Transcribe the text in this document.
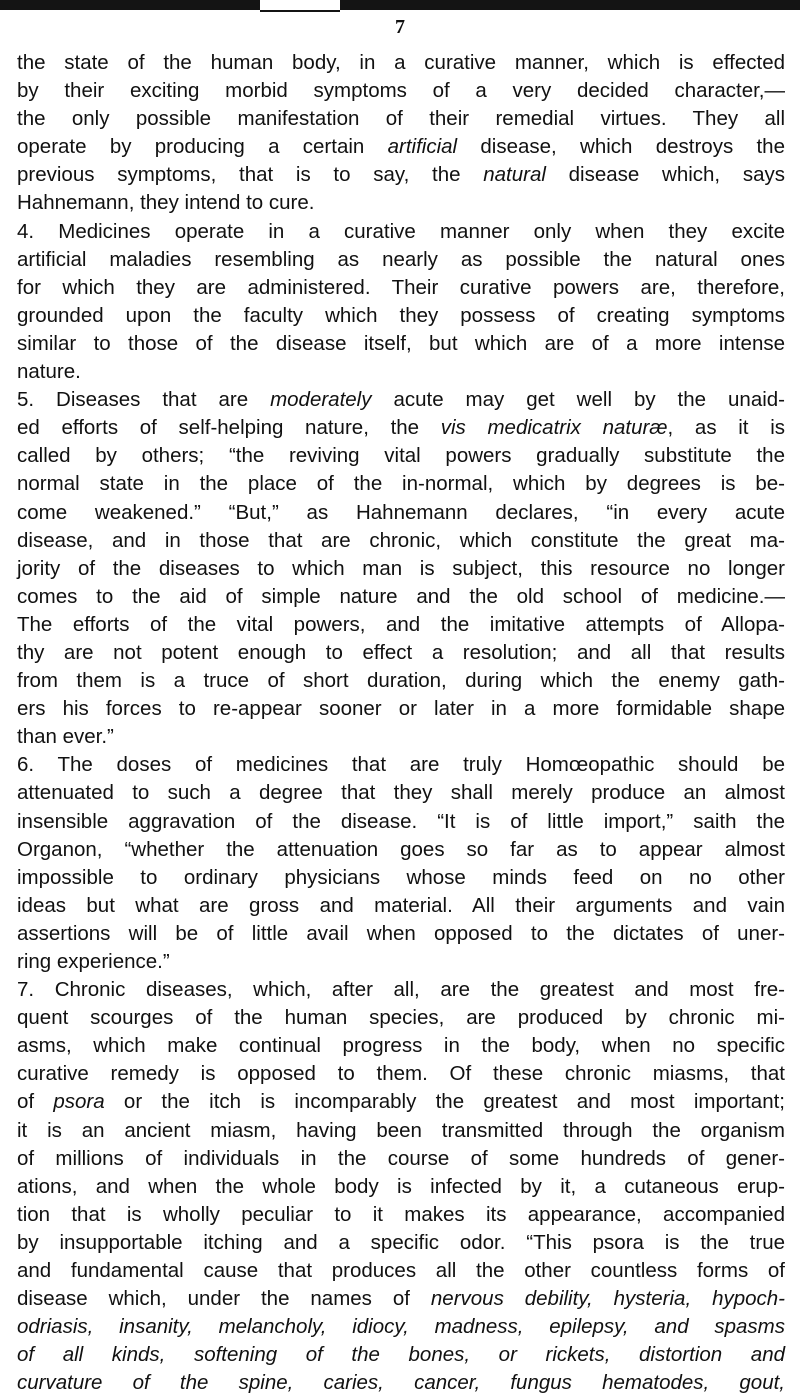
7
the state of the human body, in a curative manner, which is effected
by their exciting morbid symptoms of a very decided character,—
the only possible manifestation of their remedial virtues. They all
operate by producing a certain artificial disease, which destroys the
previous symptoms, that is to say, the natural disease which, says
Hahnemann, they intend to cure.
4. Medicines operate in a curative manner only when they excite
artificial maladies resembling as nearly as possible the natural ones
for which they are administered. Their curative powers are, therefore,
grounded upon the faculty which they possess of creating symptoms
similar to those of the disease itself, but which are of a more intense
nature.
5. Diseases that are moderately acute may get well by the unaid-
ed efforts of self-helping nature, the vis medicatrix naturæ, as it is
called by others; “the reviving vital powers gradually substitute the
normal state in the place of the in-normal, which by degrees is be-
come weakened.” “But,” as Hahnemann declares, “in every acute
disease, and in those that are chronic, which constitute the great ma-
jority of the diseases to which man is subject, this resource no longer
comes to the aid of simple nature and the old school of medicine.—
The efforts of the vital powers, and the imitative attempts of Allopa-
thy are not potent enough to effect a resolution; and all that results
from them is a truce of short duration, during which the enemy gath-
ers his forces to re-appear sooner or later in a more formidable shape
than ever.”
6. The doses of medicines that are truly Homœopathic should be
attenuated to such a degree that they shall merely produce an almost
insensible aggravation of the disease. “It is of little import,” saith the
Organon, “whether the attenuation goes so far as to appear almost
impossible to ordinary physicians whose minds feed on no other
ideas but what are gross and material. All their arguments and vain
assertions will be of little avail when opposed to the dictates of uner-
ring experience.”
7. Chronic diseases, which, after all, are the greatest and most fre-
quent scourges of the human species, are produced by chronic mi-
asms, which make continual progress in the body, when no specific
curative remedy is opposed to them. Of these chronic miasms, that
of psora or the itch is incomparably the greatest and most important;
it is an ancient miasm, having been transmitted through the organism
of millions of individuals in the course of some hundreds of gener-
ations, and when the whole body is infected by it, a cutaneous erup-
tion that is wholly peculiar to it makes its appearance, accompanied
by insupportable itching and a specific odor. “This psora is the true
and fundamental cause that produces all the other countless forms of
disease which, under the names of nervous debility, hysteria, hypoch-
odriasis, insanity, melancholy, idiocy, madness, epilepsy, and spasms
of all kinds, softening of the bones, or rickets, distortion and
curvature of the spine, caries, cancer, fungus hematodes, gout,
